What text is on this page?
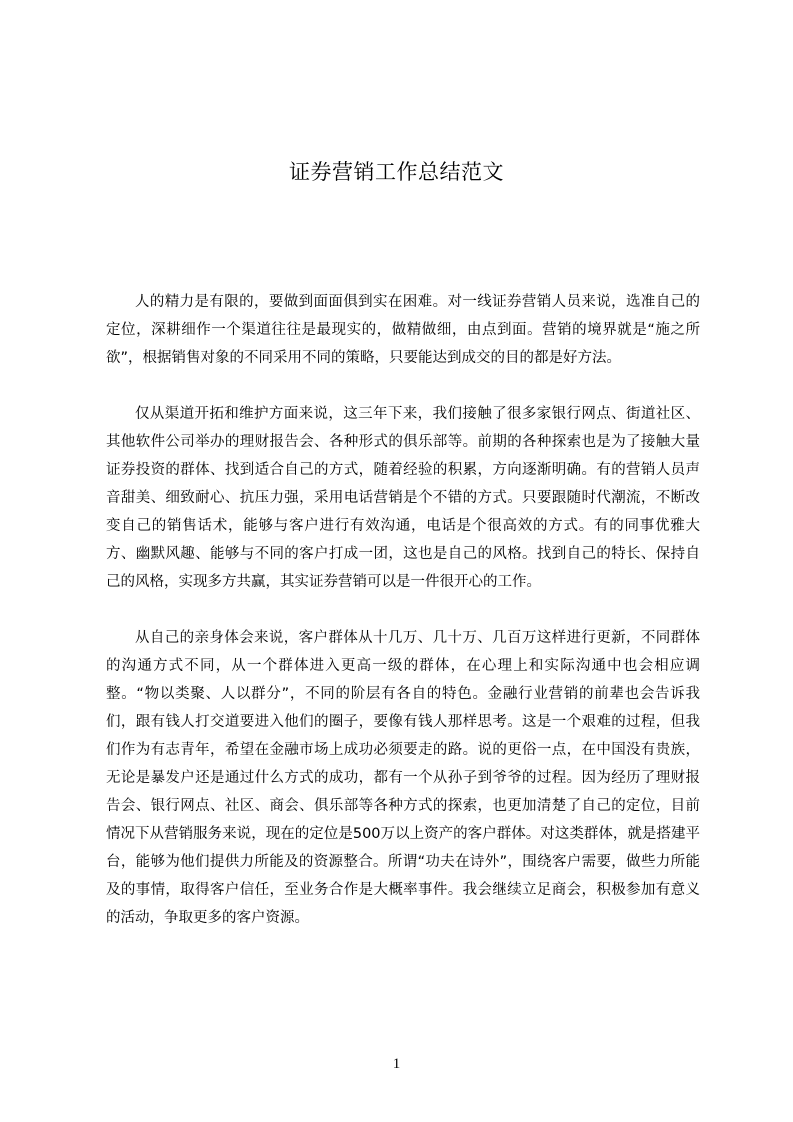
证券营销工作总结范文

人的精力是有限的，要做到面面俱到实在困难。对一线证券营销人员来说，选准自己的定位，深耕细作一个渠道往往是最现实的，做精做细，由点到面。营销的境界就是“施之所欲”，根据销售对象的不同采用不同的策略，只要能达到成交的目的都是好方法。

仅从渠道开拓和维护方面来说，这三年下来，我们接触了很多家银行网点、街道社区、其他软件公司举办的理财报告会、各种形式的俱乐部等。前期的各种探索也是为了接触大量证券投资的群体、找到适合自己的方式，随着经验的积累，方向逐渐明确。有的营销人员声音甜美、细致耐心、抗压力强，采用电话营销是个不错的方式。只要跟随时代潮流，不断改变自己的销售话术，能够与客户进行有效沟通，电话是个很高效的方式。有的同事优雅大方、幽默风趣、能够与不同的客户打成一团，这也是自己的风格。找到自己的特长、保持自己的风格，实现多方共赢，其实证券营销可以是一件很开心的工作。

从自己的亲身体会来说，客户群体从十几万、几十万、几百万这样进行更新，不同群体的沟通方式不同，从一个群体进入更高一级的群体，在心理上和实际沟通中也会相应调整。“物以类聚、人以群分”，不同的阶层有各自的特色。金融行业营销的前辈也会告诉我们，跟有钱人打交道要进入他们的圈子，要像有钱人那样思考。这是一个艰难的过程，但我们作为有志青年，希望在金融市场上成功必须要走的路。说的更俗一点，在中国没有贵族，无论是暴发户还是通过什么方式的成功，都有一个从孙子到爷爷的过程。因为经历了理财报告会、银行网点、社区、商会、俱乐部等各种方式的探索，也更加清楚了自己的定位，目前情况下从营销服务来说，现在的定位是500万以上资产的客户群体。对这类群体，就是搭建平台，能够为他们提供力所能及的资源整合。所谓“功夫在诗外”，围绕客户需要，做些力所能及的事情，取得客户信任，至业务合作是大概率事件。我会继续立足商会，积极参加有意义的活动，争取更多的客户资源。

1
